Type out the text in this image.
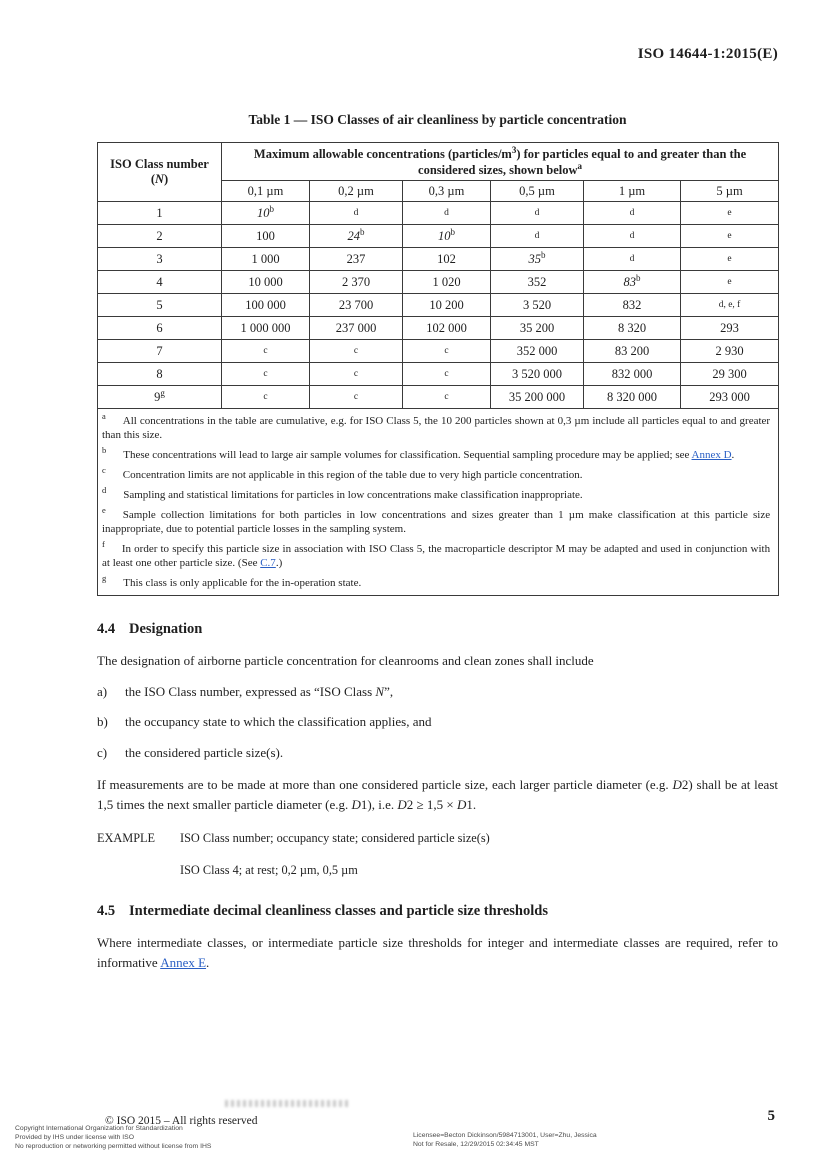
ISO 14644-1:2015(E)
Table 1 — ISO Classes of air cleanliness by particle concentration
ISO Class number
(N)	Maximum allowable concentrations $(particles/m^3)$ for particles equal to and greater than the considered sizes, shown below$^a$
	0,1 µm	0,2 µm	0,3 µm	0,5 µm	1 µm	5 µm
1	10$^b$	d	d	d	d	e
2	100	24$^b$	10$^b$	d	d	e
3	1 000	237	102	35$^b$	d	e
4	10 000	2 370	1 020	352	83$^b$	e
5	100 000	23 700	10 200	3 520	832	d, e, f
6	1 000 000	237 000	102 000	35 200	8 320	293
7	c	c	c	352 000	83 200	2 930
8	c	c	c	3 520 000	832 000	29 300
9$^g$	c	c	c	35 200 000	8 320 000	293 000

$^a$ All concentrations in the table are cumulative, e.g. for ISO Class 5, the 10 200 particles shown at 0,3 µm include all particles equal to and greater than this size.
$^b$ These concentrations will lead to large air sample volumes for classification. Sequential sampling procedure may be applied; see Annex D.
$^c$ Concentration limits are not applicable in this region of the table due to very high particle concentration.
$^d$ Sampling and statistical limitations for particles in low concentrations make classification inappropriate.
$^e$ Sample collection limitations for both particles in low concentrations and sizes greater than 1 µm make classification at this particle size inappropriate, due to potential particle losses in the sampling system.
$^f$ In order to specify this particle size in association with ISO Class 5, the macroparticle descriptor M may be adapted and used in conjunction with at least one other particle size. (See C.7.)
$^g$ This class is only applicable for the in-operation state.
4.4 Designation

The designation of airborne particle concentration for cleanrooms and clean zones shall include

a)	the ISO Class number, expressed as “ISO Class N”,
b)	the occupancy state to which the classification applies, and
c)	the considered particle size(s).

If measurements are to be made at more than one considered particle size, each larger particle diameter (e.g. D2) shall be at least 1,5 times the next smaller particle diameter (e.g. D1), i.e. D2 ≥ 1,5 × D1.

EXAMPLE	ISO Class number; occupancy state; considered particle size(s)
ISO Class 4; at rest; 0,2 µm, 0,5 µm
4.5 Intermediate decimal cleanliness classes and particle size thresholds

Where intermediate classes, or intermediate particle size thresholds for integer and intermediate classes are required, refer to informative Annex E.

© ISO 2015 – All rights reserved
Copyright International Organization for Standardization
Provided by IHS under license with ISO
No reproduction or networking permitted without license from IHS
Licensee=Becton Dickinson/5984713001, User=Zhu, Jessica
Not for Resale, 12/29/2015 02:34:45 MST
5
